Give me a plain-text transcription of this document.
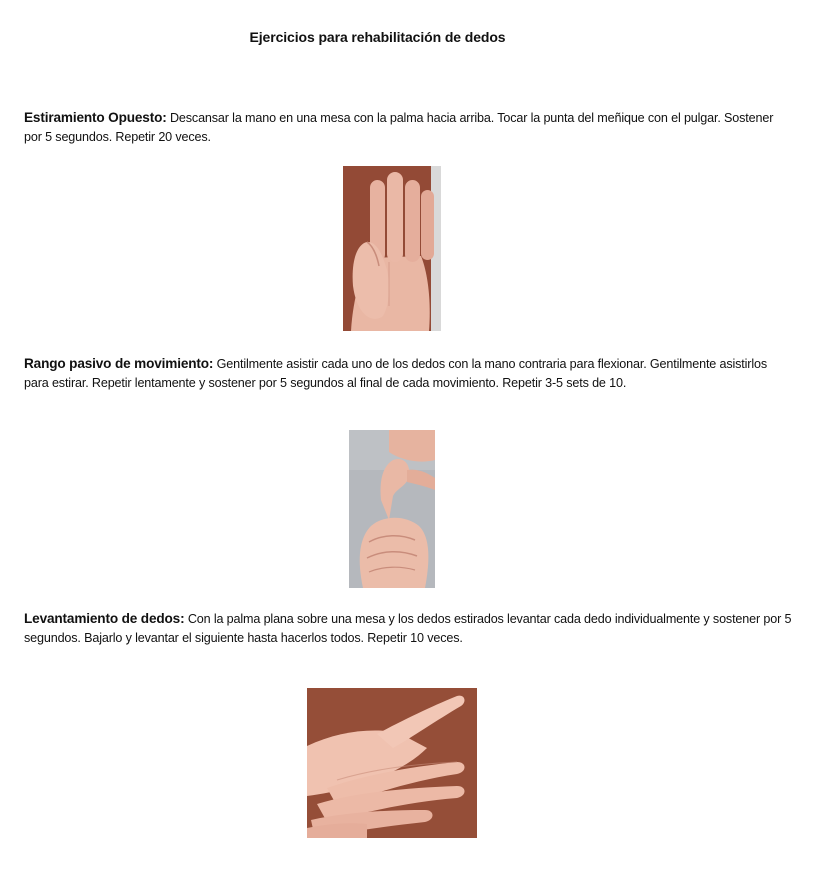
Ejercicios para rehabilitación de dedos
Estiramiento Opuesto: Descansar la mano en una mesa con la palma hacia arriba. Tocar la punta del meñique con el pulgar. Sostener por 5 segundos. Repetir 20 veces.
Rango pasivo de movimiento: Gentilmente asistir cada uno de los dedos con la mano contraria para flexionar. Gentilmente asistirlos para estirar. Repetir lentamente y sostener por 5 segundos al final de cada movimiento. Repetir 3-5 sets de 10.
Levantamiento de dedos: Con la palma plana sobre una mesa y los dedos estirados levantar cada dedo individualmente y sostener por 5 segundos. Bajarlo y levantar el siguiente hasta hacerlos todos. Repetir 10 veces.
